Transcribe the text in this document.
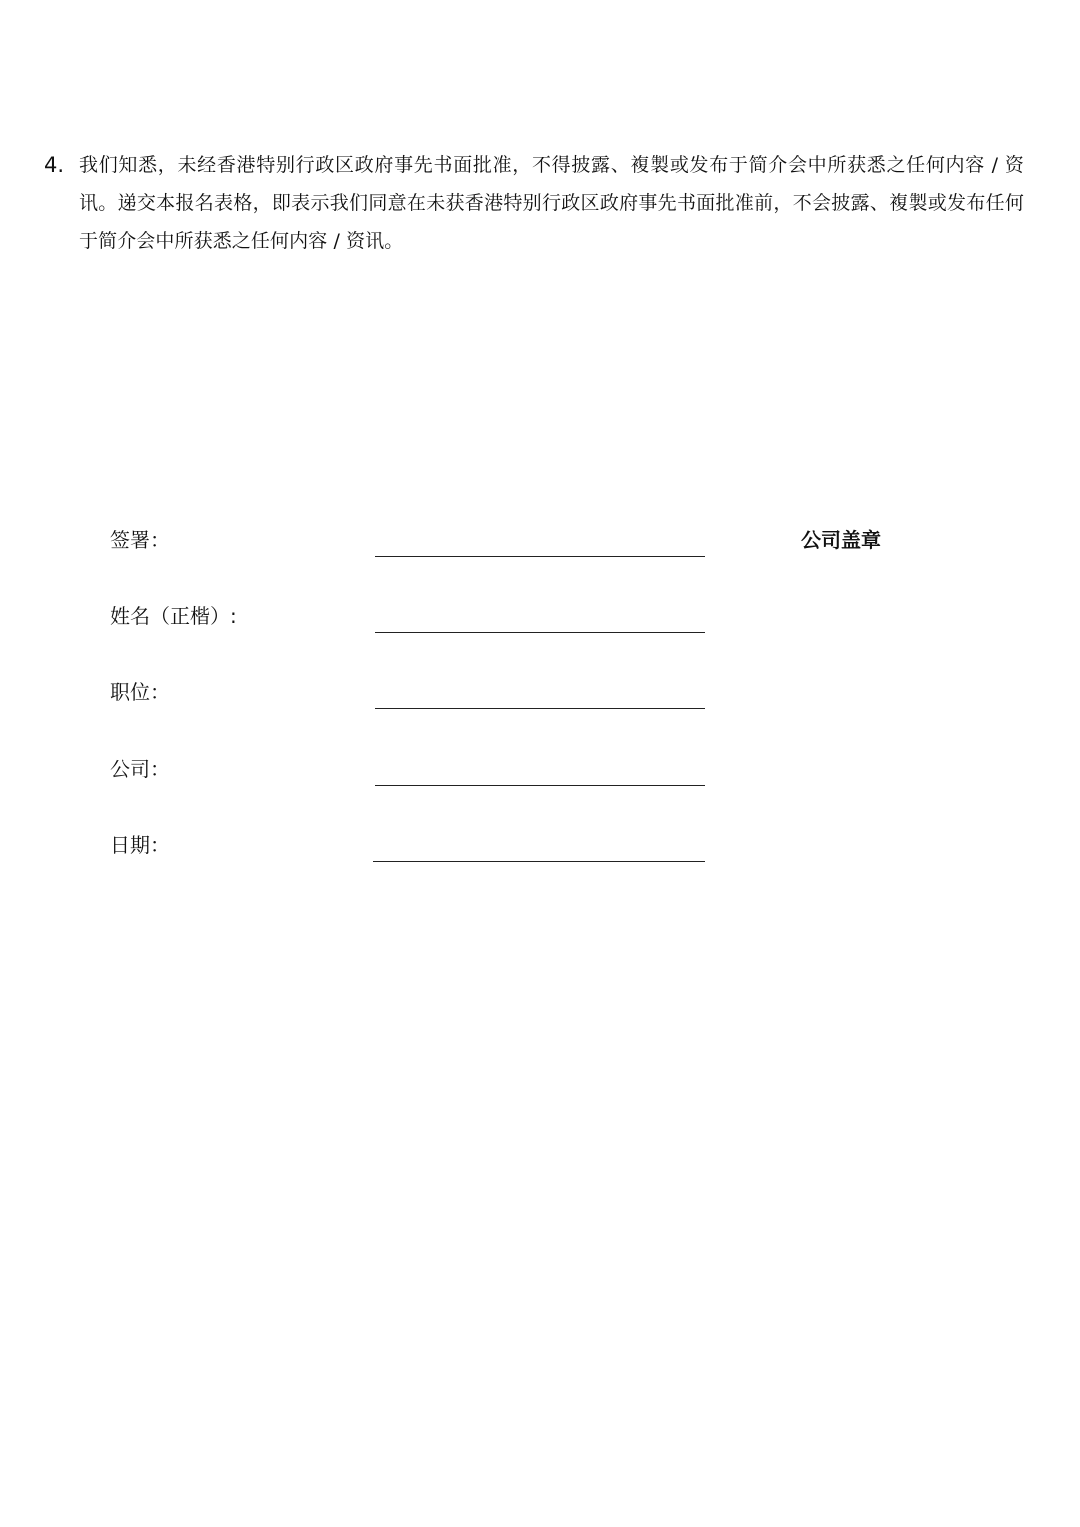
4. 我们知悉，未经香港特别行政区政府事先书面批准，不得披露、複製或发布于简介会中所获悉之任何内容 / 资讯。递交本报名表格，即表示我们同意在未获香港特别行政区政府事先书面批准前，不会披露、複製或发布任何于简介会中所获悉之任何内容 / 资讯。
签署：
姓名（正楷）:
职位：
公司：
日期：
公司盖章
